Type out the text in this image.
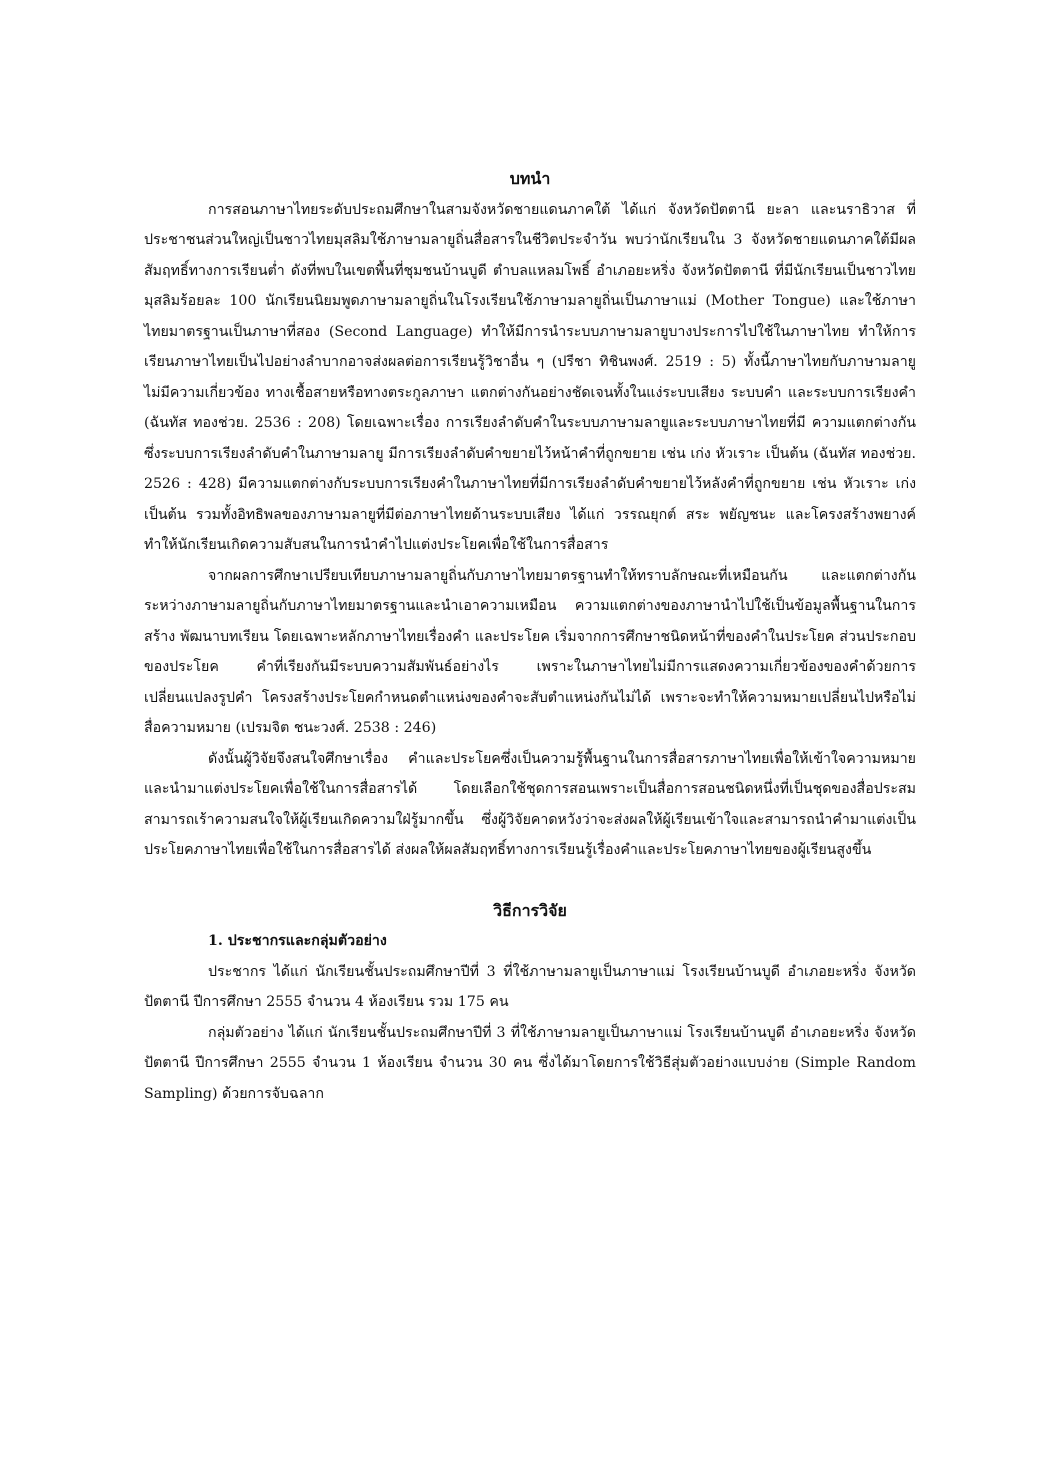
บทนำ

การสอนภาษาไทยระดับประถมศึกษาในสามจังหวัดชายแดนภาคใต้ ได้แก่ จังหวัดปัตตานี ยะลา และนราธิวาส ที่ประชาชนส่วนใหญ่เป็นชาวไทยมุสลิมใช้ภาษามลายูถิ่นสื่อสารในชีวิตประจำวัน พบว่านักเรียนใน 3 จังหวัดชายแดนภาคใต้มีผลสัมฤทธิ์ทางการเรียนต่ำ ดังที่พบในเขตพื้นที่ชุมชนบ้านบูดี ตำบลแหลมโพธิ์ อำเภอยะหริ่ง จังหวัดปัตตานี ที่มีนักเรียนเป็นชาวไทยมุสลิมร้อยละ 100 นักเรียนนิยมพูดภาษามลายูถิ่นในโรงเรียนใช้ภาษามลายูถิ่นเป็นภาษาแม่ (Mother Tongue) และใช้ภาษาไทยมาตรฐานเป็นภาษาที่สอง (Second Language) ทำให้มีการนำระบบภาษามลายูบางประการไปใช้ในภาษาไทย ทำให้การเรียนภาษาไทยเป็นไปอย่างลำบากอาจส่งผลต่อการเรียนรู้วิชาอื่น ๆ (ปรีชา ทิชินพงศ์. 2519 : 5) ทั้งนี้ภาษาไทยกับภาษามลายูไม่มีความเกี่ยวข้อง ทางเชื้อสายหรือทางตระกูลภาษา แตกต่างกันอย่างชัดเจนทั้งในแง่ระบบเสียง ระบบคำ และระบบการเรียงคำ (ฉันทัส ทองช่วย. 2536 : 208) โดยเฉพาะเรื่อง การเรียงลำดับคำในระบบภาษามลายูและระบบภาษาไทยที่มี ความแตกต่างกัน ซึ่งระบบการเรียงลำดับคำในภาษามลายู มีการเรียงลำดับคำขยายไว้หน้าคำที่ถูกขยาย เช่น เก่ง หัวเราะ เป็นต้น (ฉันทัส ทองช่วย. 2526 : 428) มีความแตกต่างกับระบบการเรียงคำในภาษาไทยที่มีการเรียงลำดับคำขยายไว้หลังคำที่ถูกขยาย เช่น หัวเราะ เก่ง เป็นต้น รวมทั้งอิทธิพลของภาษามลายูที่มีต่อภาษาไทยด้านระบบเสียง ได้แก่ วรรณยุกต์ สระ พยัญชนะ และโครงสร้างพยางค์ ทำให้นักเรียนเกิดความสับสนในการนำคำไปแต่งประโยคเพื่อใช้ในการสื่อสาร

จากผลการศึกษาเปรียบเทียบภาษามลายูถิ่นกับภาษาไทยมาตรฐานทำให้ทราบลักษณะที่เหมือนกัน และแตกต่างกันระหว่างภาษามลายูถิ่นกับภาษาไทยมาตรฐานและนำเอาความเหมือน ความแตกต่างของภาษานำไปใช้เป็นข้อมูลพื้นฐานในการสร้าง พัฒนาบทเรียน โดยเฉพาะหลักภาษาไทยเรื่องคำ และประโยค เริ่มจากการศึกษาชนิดหน้าที่ของคำในประโยค ส่วนประกอบของประโยค คำที่เรียงกันมีระบบความสัมพันธ์อย่างไร เพราะในภาษาไทยไม่มีการแสดงความเกี่ยวข้องของคำด้วยการเปลี่ยนแปลงรูปคำ โครงสร้างประโยคกำหนดตำแหน่งของคำจะสับตำแหน่งกันไม่ได้ เพราะจะทำให้ความหมายเปลี่ยนไปหรือไม่สื่อความหมาย (เปรมจิต ชนะวงศ์. 2538 : 246)

ดังนั้นผู้วิจัยจึงสนใจศึกษาเรื่อง คำและประโยคซึ่งเป็นความรู้พื้นฐานในการสื่อสารภาษาไทยเพื่อให้เข้าใจความหมายและนำมาแต่งประโยคเพื่อใช้ในการสื่อสารได้ โดยเลือกใช้ชุดการสอนเพราะเป็นสื่อการสอนชนิดหนึ่งที่เป็นชุดของสื่อประสม สามารถเร้าความสนใจให้ผู้เรียนเกิดความใฝ่รู้มากขึ้น ซึ่งผู้วิจัยคาดหวังว่าจะส่งผลให้ผู้เรียนเข้าใจและสามารถนำคำมาแต่งเป็นประโยคภาษาไทยเพื่อใช้ในการสื่อสารได้ ส่งผลให้ผลสัมฤทธิ์ทางการเรียนรู้เรื่องคำและประโยคภาษาไทยของผู้เรียนสูงขึ้น

วิธีการวิจัย

1. ประชากรและกลุ่มตัวอย่าง

ประชากร ได้แก่ นักเรียนชั้นประถมศึกษาปีที่ 3 ที่ใช้ภาษามลายูเป็นภาษาแม่ โรงเรียนบ้านบูดี อำเภอยะหริ่ง จังหวัดปัตตานี ปีการศึกษา 2555 จำนวน 4 ห้องเรียน รวม 175 คน

กลุ่มตัวอย่าง ได้แก่ นักเรียนชั้นประถมศึกษาปีที่ 3 ที่ใช้ภาษามลายูเป็นภาษาแม่ โรงเรียนบ้านบูดี อำเภอยะหริ่ง จังหวัดปัตตานี ปีการศึกษา 2555 จำนวน 1 ห้องเรียน จำนวน 30 คน ซึ่งได้มาโดยการใช้วิธีสุ่มตัวอย่างแบบง่าย (Simple Random Sampling) ด้วยการจับฉลาก
